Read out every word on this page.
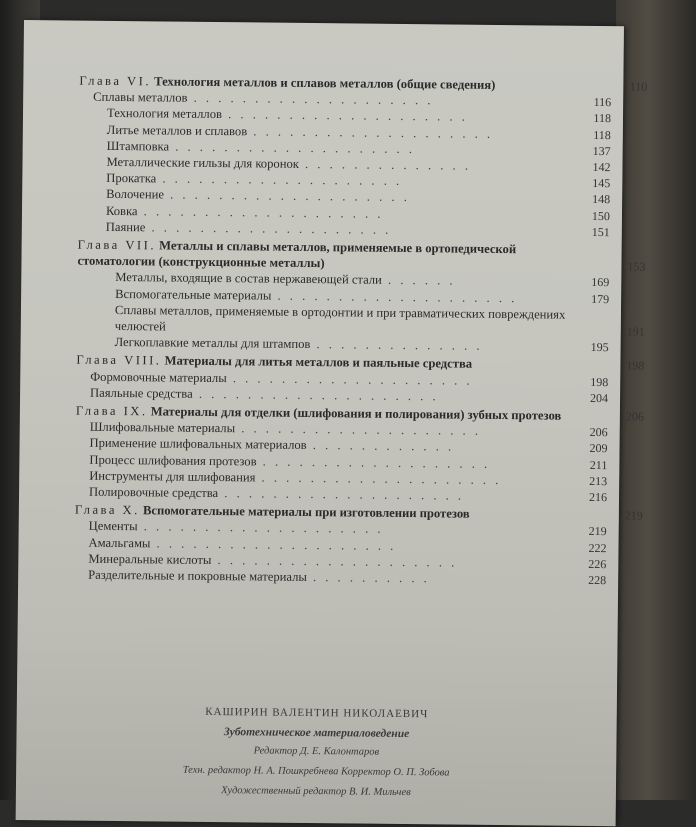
Глава VI. Технология металлов и сплавов металлов (общие сведения)	110
Сплавы металлов . . . . . . . . . . . . . . . . . . . .	116
Технология металлов . . . . . . . . . . . . . . . . . . . .	118
Литье металлов и сплавов . . . . . . . . . . . . . . . . . . . .	118
Штамповка . . . . . . . . . . . . . . . . . . . .	137
Металлические гильзы для коронок . . . . . . . . . . . . . .	142
Прокатка . . . . . . . . . . . . . . . . . . . .	145
Волочение . . . . . . . . . . . . . . . . . . . .	148
Ковка . . . . . . . . . . . . . . . . . . . .	150
Паяние . . . . . . . . . . . . . . . . . . . .	151
Глава VII. Металлы и сплавы металлов, применяемые в ортопедической стоматологии (конструкционные металлы)	153
Металлы, входящие в состав нержавеющей стали . . . . . .	169
Вспомогательные материалы . . . . . . . . . . . . . . . . . . . .	179
Сплавы металлов, применяемые в ортодонтии и при травматических повреждениях челюстей	191
Легкоплавкие металлы для штампов . . . . . . . . . . . . . .	195
Глава VIII. Материалы для литья металлов и паяльные средства	198
Формовочные материалы . . . . . . . . . . . . . . . . . . . .	198
Паяльные средства . . . . . . . . . . . . . . . . . . . .	204
Глава IX. Материалы для отделки (шлифования и полирования) зубных протезов	206
Шлифовальные материалы . . . . . . . . . . . . . . . . . . . .	206
Применение шлифовальных материалов . . . . . . . . . . . .	209
Процесс шлифования протезов . . . . . . . . . . . . . . . . . . .	211
Инструменты для шлифования . . . . . . . . . . . . . . . . . . . .	213
Полировочные средства . . . . . . . . . . . . . . . . . . . .	216
Глава X. Вспомогательные материалы при изготовлении протезов	219
Цементы . . . . . . . . . . . . . . . . . . . .	219
Амальгамы . . . . . . . . . . . . . . . . . . . .	222
Минеральные кислоты . . . . . . . . . . . . . . . . . . . .	226
Разделительные и покровные материалы . . . . . . . . . .	228
КАШИРИН ВАЛЕНТИН НИКОЛАЕВИЧ
Зуботехническое материаловедение
Редактор Д. Е. Калонтаров
Техн. редактор Н. А. Пошкребнева Корректор О. П. Зобова
Художественный редактор В. И. Мильчев
